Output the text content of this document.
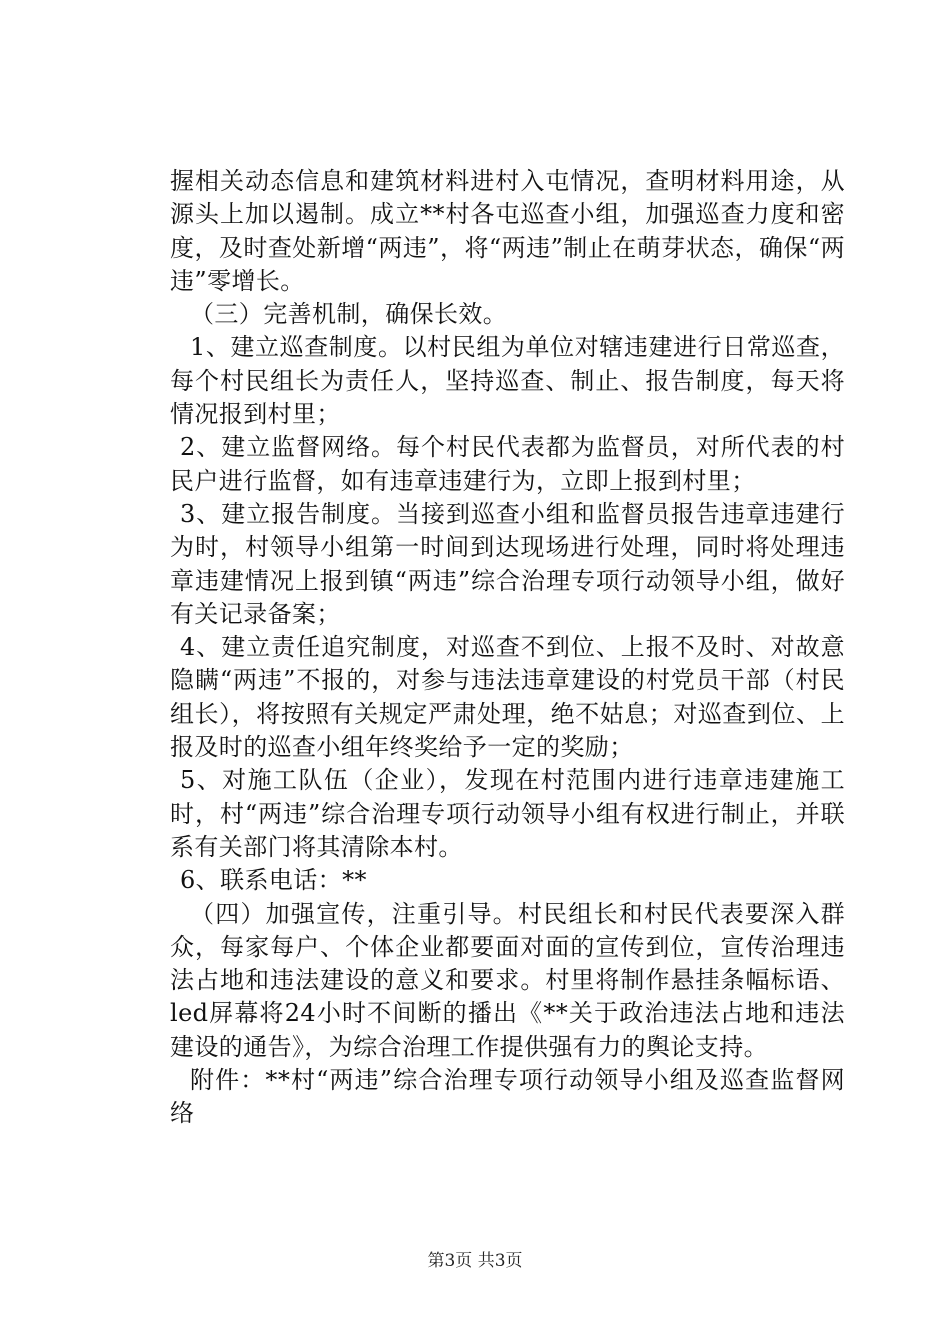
握相关动态信息和建筑材料进村入屯情况，查明材料用途，从源头上加以遏制。成立**村各屯巡查小组，加强巡查力度和密度，及时查处新增“两违”，将“两违”制止在萌芽状态，确保“两违”零增长。

（三）完善机制，确保长效。

1、建立巡查制度。以村民组为单位对辖违建进行日常巡查，每个村民组长为责任人，坚持巡查、制止、报告制度，每天将情况报到村里；

2、建立监督网络。每个村民代表都为监督员，对所代表的村民户进行监督，如有违章违建行为，立即上报到村里；

3、建立报告制度。当接到巡查小组和监督员报告违章违建行为时，村领导小组第一时间到达现场进行处理，同时将处理违章违建情况上报到镇“两违”综合治理专项行动领导小组，做好有关记录备案；

4、建立责任追究制度，对巡查不到位、上报不及时、对故意隐瞒“两违”不报的，对参与违法违章建设的村党员干部（村民组长），将按照有关规定严肃处理，绝不姑息；对巡查到位、上报及时的巡查小组年终奖给予一定的奖励；

5、对施工队伍（企业），发现在村范围内进行违章违建施工时，村“两违”综合治理专项行动领导小组有权进行制止，并联系有关部门将其清除本村。

6、联系电话：**

（四）加强宣传，注重引导。村民组长和村民代表要深入群众，每家每户、个体企业都要面对面的宣传到位，宣传治理违法占地和违法建设的意义和要求。村里将制作悬挂条幅标语、led屏幕将24小时不间断的播出《**关于政治违法占地和违法建设的通告》，为综合治理工作提供强有力的舆论支持。

附件：**村“两违”综合治理专项行动领导小组及巡查监督网络

第3页 共3页
